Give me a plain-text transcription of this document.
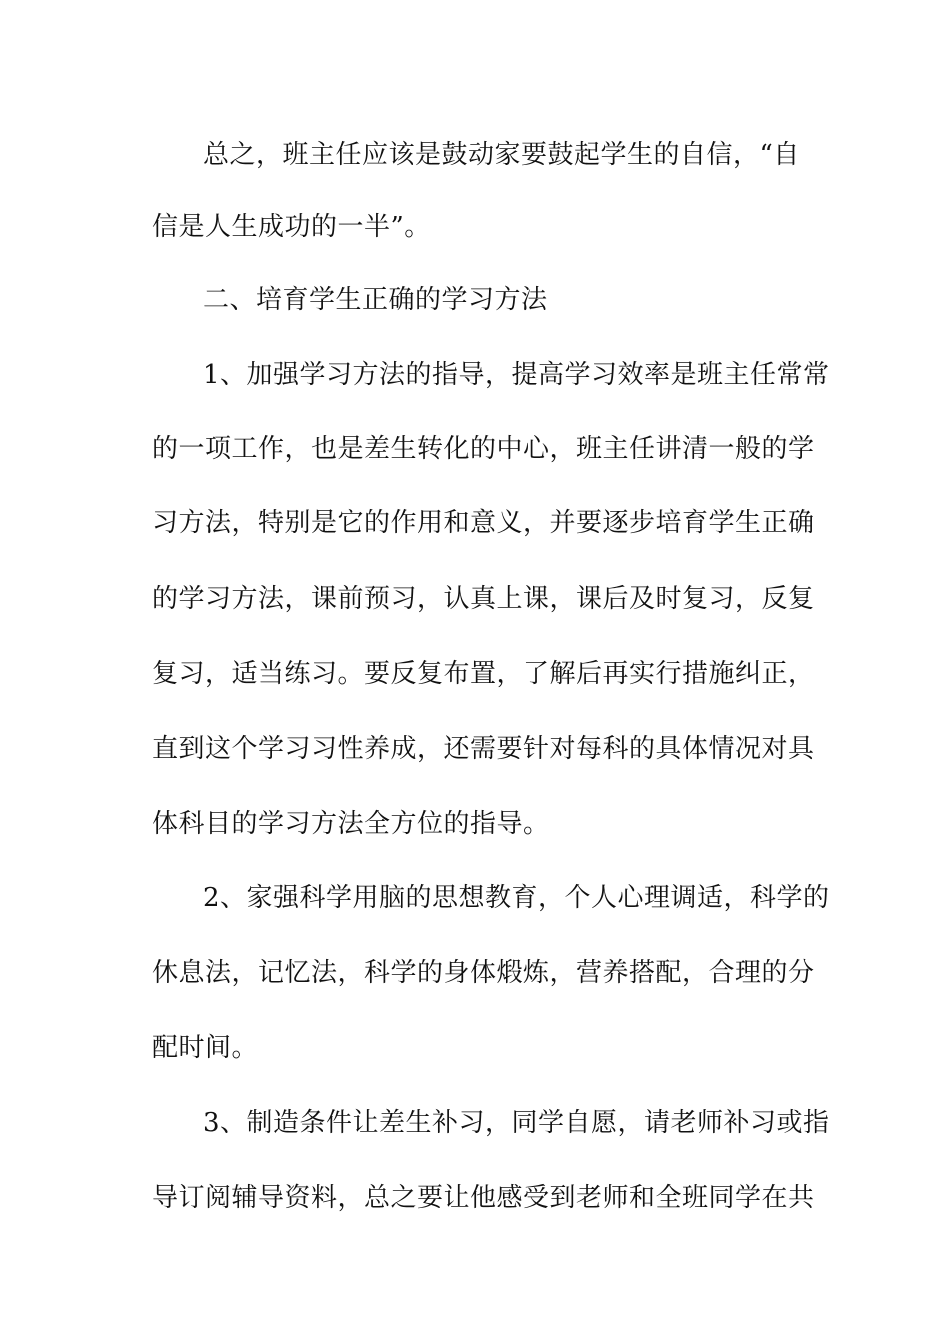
总之，班主任应该是鼓动家要鼓起学生的自信，“自
信是人生成功的一半”。
二、培育学生正确的学习方法
1、加强学习方法的指导，提高学习效率是班主任常常
的一项工作，也是差生转化的中心，班主任讲清一般的学
习方法，特别是它的作用和意义，并要逐步培育学生正确
的学习方法，课前预习，认真上课，课后及时复习，反复
复习，适当练习。要反复布置，了解后再实行措施纠正，
直到这个学习习性养成，还需要针对每科的具体情况对具
体科目的学习方法全方位的指导。
2、家强科学用脑的思想教育，个人心理调适，科学的
休息法，记忆法，科学的身体煅炼，营养搭配，合理的分
配时间。
3、制造条件让差生补习，同学自愿，请老师补习或指
导订阅辅导资料，总之要让他感受到老师和全班同学在共
